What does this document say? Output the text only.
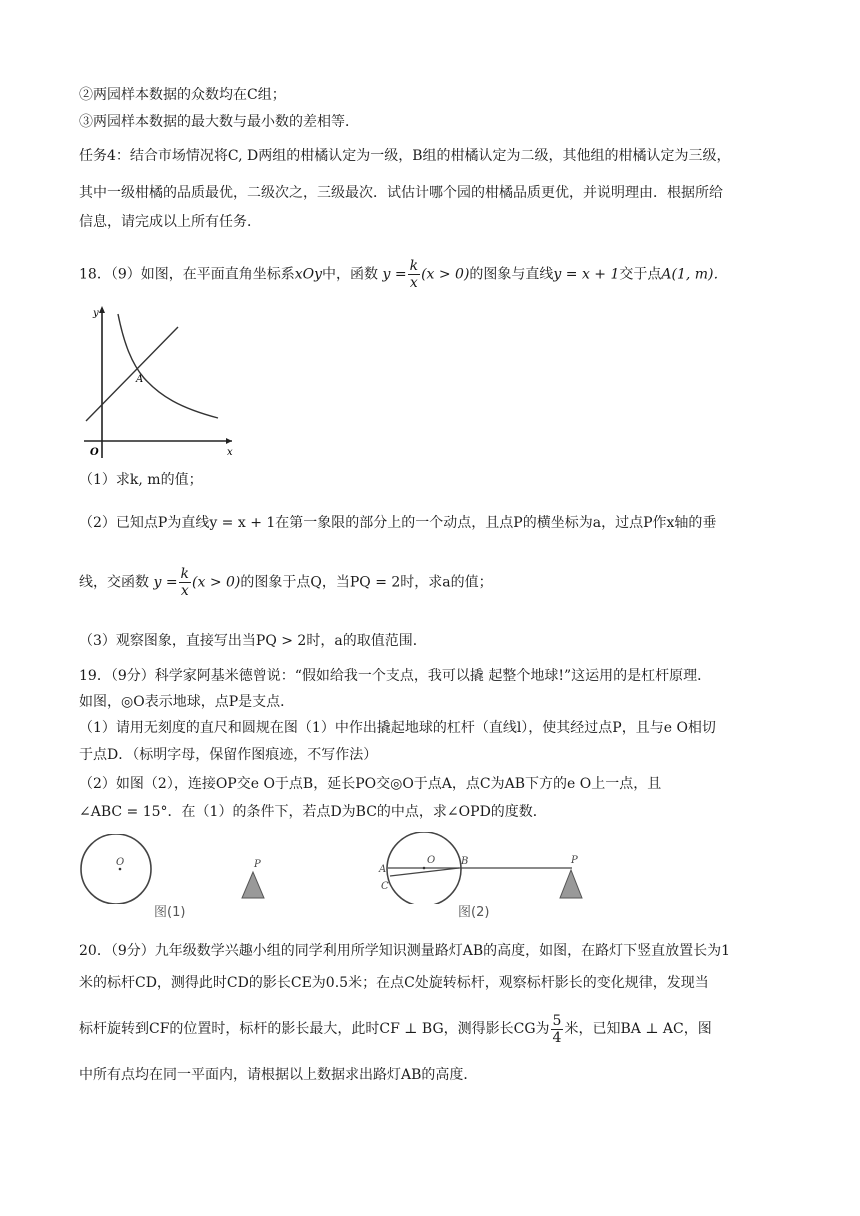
②两园样本数据的众数均在C组；
③两园样本数据的最大数与最小数的差相等．
任务4：结合市场情况将C, D两组的柑橘认定为一级，B组的柑橘认定为二级，其他组的柑橘认定为三级，
其中一级柑橘的品质最优，二级次之，三级最次．试估计哪个园的柑橘品质更优，并说明理由．根据所给
信息，请完成以上所有任务．
18．（9）如图，在平面直角坐标系xOy中，函数 $y = \frac{k}{x} (x > 0)$的图象与直线y = x + 1交于点A(1, m)．
y
x
O
A
（1）求k, m的值；
（2）已知点P为直线y = x + 1在第一象限的部分上的一个动点，且点P的横坐标为a，过点P作x轴的垂
线，交函数 $y = \frac{k}{x} (x > 0)$的图象于点Q，当PQ = 2时，求a的值；
（3）观察图象，直接写出当PQ > 2时，a的取值范围．
19．（9分）科学家阿基米德曾说：“假如给我一个支点，我可以撬 起整个地球!”这运用的是杠杆原理．
如图，◎O表示地球，点P是支点．
（1）请用无刻度的直尺和圆规在图（1）中作出撬起地球的杠杆（直线l），使其经过点P，且与e O相切
于点D．（标明字母，保留作图痕迹，不写作法）
（2）如图（2），连接OP交e O于点B，延长PO交◎O于点A，点C为AB下方的e O上一点，且
∠ABC = 15°．在（1）的条件下，若点D为BC的中点，求∠OPD的度数．
O	P
图(1)
O	B
A
C
P
图(2)
20．（9分）九年级数学兴趣小组的同学利用所学知识测量路灯AB的高度，如图，在路灯下竖直放置长为1
米的标杆CD，测得此时CD的影长CE为0.5米；在点C处旋转标杆，观察标杆影长的变化规律，发现当
标杆旋转到CF的位置时，标杆的影长最大，此时CF ⊥ BG，测得影长CG为 $\frac{5}{4}$ 米，已知BA ⊥ AC，图
中所有点均在同一平面内，请根据以上数据求出路灯AB的高度．
